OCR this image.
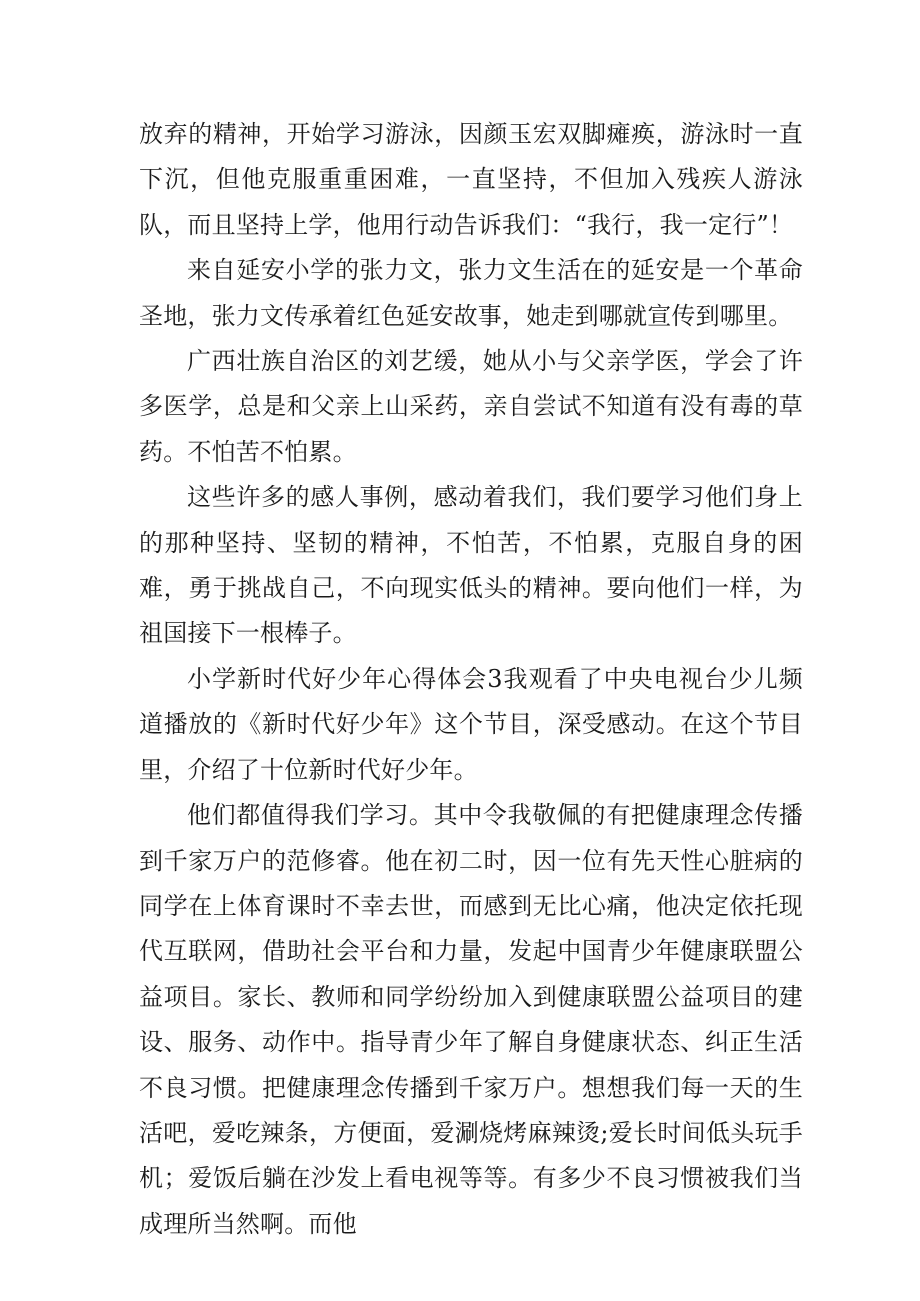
放弃的精神，开始学习游泳，因颜玉宏双脚瘫痪，游泳时一直下沉，但他克服重重困难，一直坚持，不但加入残疾人游泳队，而且坚持上学，他用行动告诉我们：“我行，我一定行”！

来自延安小学的张力文，张力文生活在的延安是一个革命圣地，张力文传承着红色延安故事，她走到哪就宣传到哪里。

广西壮族自治区的刘艺缓，她从小与父亲学医，学会了许多医学，总是和父亲上山采药，亲自尝试不知道有没有毒的草药。不怕苦不怕累。

这些许多的感人事例，感动着我们，我们要学习他们身上的那种坚持、坚韧的精神，不怕苦，不怕累，克服自身的困难，勇于挑战自己，不向现实低头的精神。要向他们一样，为祖国接下一根棒子。

小学新时代好少年心得体会3我观看了中央电视台少儿频道播放的《新时代好少年》这个节目，深受感动。在这个节目里，介绍了十位新时代好少年。

他们都值得我们学习。其中令我敬佩的有把健康理念传播到千家万户的范修睿。他在初二时，因一位有先天性心脏病的同学在上体育课时不幸去世，而感到无比心痛，他决定依托现代互联网，借助社会平台和力量，发起中国青少年健康联盟公益项目。家长、教师和同学纷纷加入到健康联盟公益项目的建设、服务、动作中。指导青少年了解自身健康状态、纠正生活不良习惯。把健康理念传播到千家万户。想想我们每一天的生活吧，爱吃辣条，方便面，爱涮烧烤麻辣烫;爱长时间低头玩手机；爱饭后躺在沙发上看电视等等。有多少不良习惯被我们当成理所当然啊。而他
